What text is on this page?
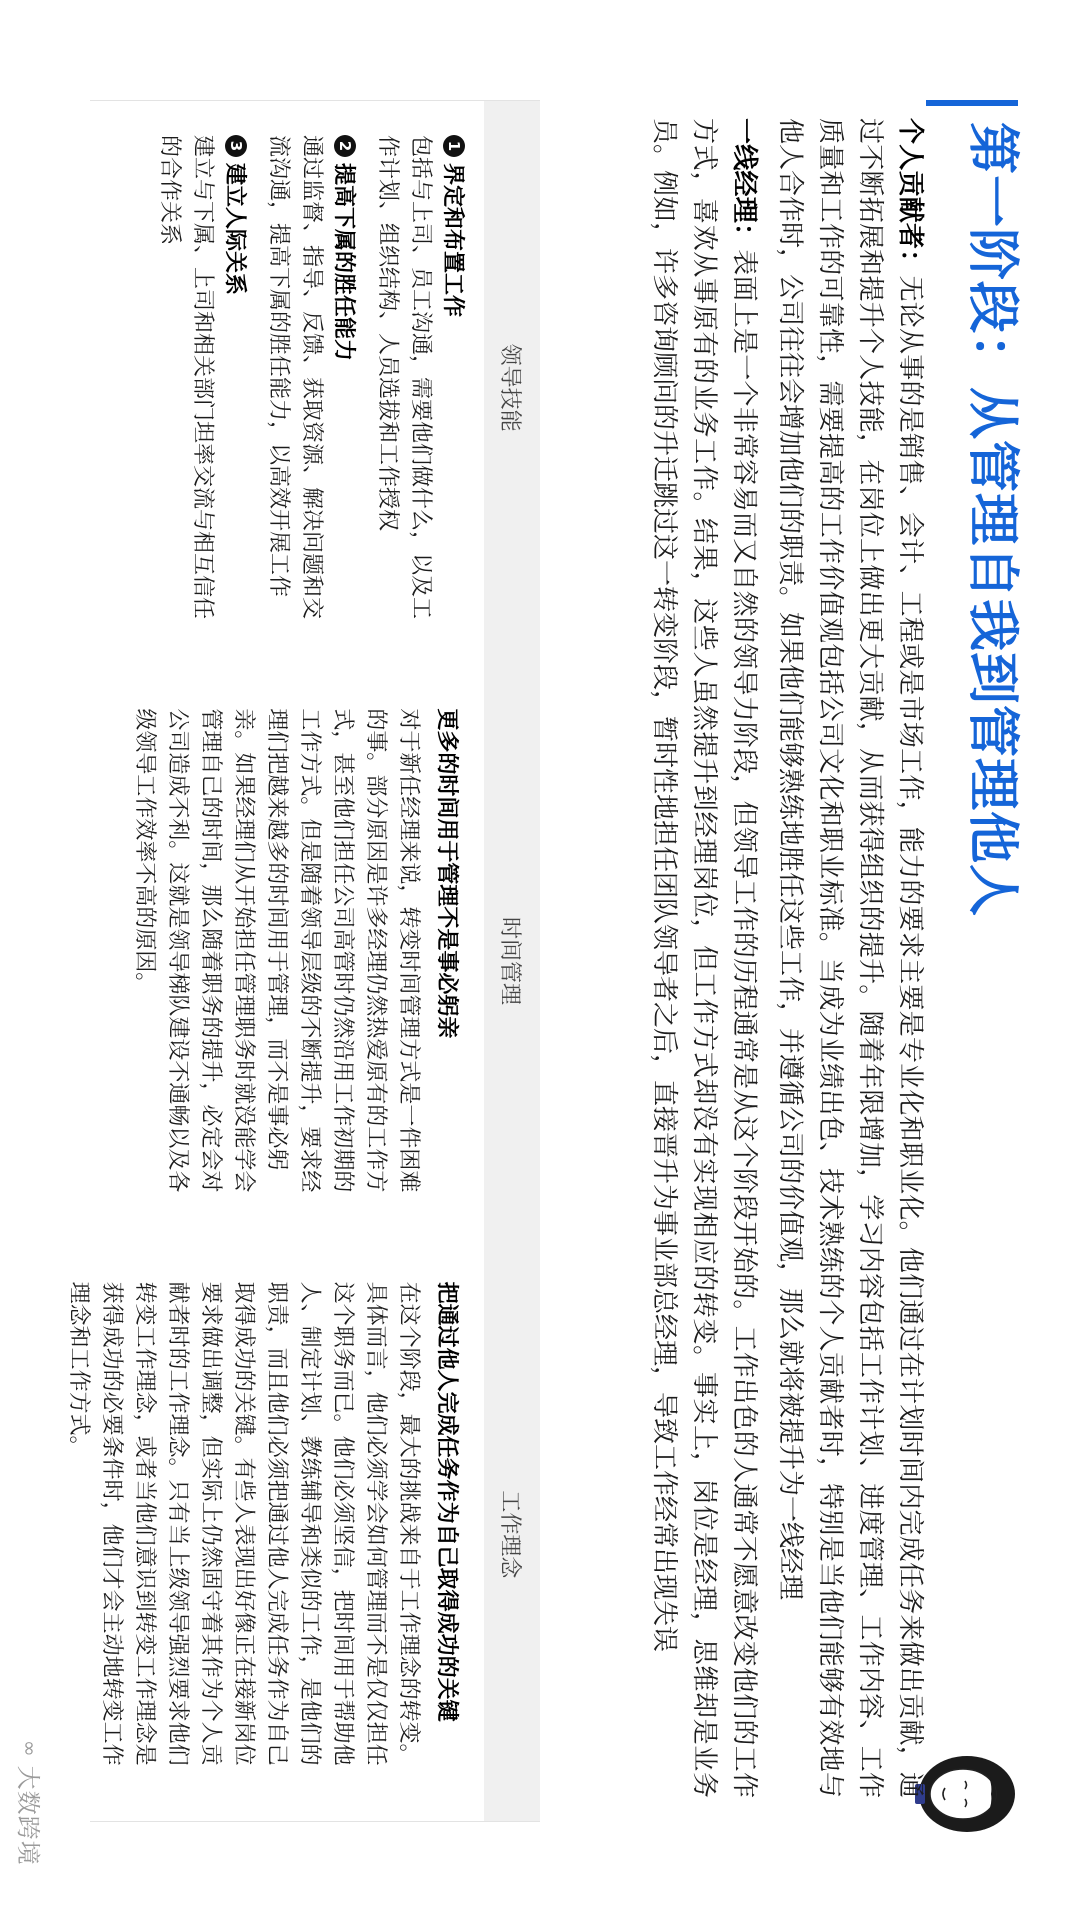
第一阶段：从管理自我到管理他人

个人贡献者：无论从事的是销售、会计、工程或是市场工作，能力的要求主要是专业化和职业化。他们通过在计划时间内完成任务来做出贡献，通过不断拓展和提升个人技能，在岗位上做出更大贡献，从而获得组织的提升。随着年限增加，学习内容包括工作计划、进度管理、工作内容、工作质量和工作的可靠性，需要提高的工作价值观包括公司文化和职业标准。当成为业绩出色、技术熟练的个人贡献者时，特别是当他们能够有效地与他人合作时，公司往往会增加他们的职责。如果他们能够熟练地胜任这些工作，并遵循公司的价值观，那么就将被提升为一线经理

一线经理：表面上是一个非常容易而又自然的领导力阶段，但领导工作的历程通常是从这个阶段开始的。工作出色的人通常不愿意改变他们的工作方式，喜欢从事原有的业务工作。结果，这些人虽然提升到经理岗位，但工作方式却没有实现相应的转变。事实上，岗位是经理，思维却是业务员。例如，许多咨询顾问的升迁跳过这一转变阶段，暂时性地担任团队领导者之后，直接晋升为事业部总经理，导致工作经常出现失误

领导技能
时间管理
工作理念
1
界定和布置工作

包括与上司、员工沟通，需要他们做什么，以及工作计划、组织结构、人员选拔和工作授权

2
提高下属的胜任能力

通过监督、指导、反馈、获取资源、解决问题和交流沟通，提高下属的胜任能力，以高效开展工作

3
建立人际关系

建立与下属、上司和相关部门坦率交流与相互信任的合作关系

更多的时间用于管理不是事必躬亲

对于新任经理来说，转变时间管理方式是一件困难的事。部分原因是许多经理仍然热爱原有的工作方式，甚至他们担任公司高管时仍然沿用工作初期的工作方式。但是随着领导层级的不断提升，要求经理们把越来越多的时间用于管理，而不是事必躬亲。如果经理们从开始担任管理职务时就没能学会管理自己的时间，那么随着职务的提升，必定会对公司造成不利。这就是领导梯队建设不通畅以及各级领导工作效率不高的原因。

把通过他人完成任务作为自己取得成功的关键

在这个阶段，最大的挑战来自于工作理念的转变。具体而言，他们必须学会如何管理而不是仅仅担任这个职务而已。他们必须坚信，把时间用于帮助他人、制定计划、教练辅导和类似的工作，是他们的职责，而且他们必须把通过他人完成任务作为自己取得成功的关键。有些人表现出好像正在接新岗位要求做出调整，但实际上仍然固守着其作为个人贡献者时的工作理念。只有当上级领导强烈要求他们转变工作理念，或者当他们意识到转变工作理念是获得成功的必要条件时，他们才会主动地转变工作理念和工作方式。

∞
大数跨境
